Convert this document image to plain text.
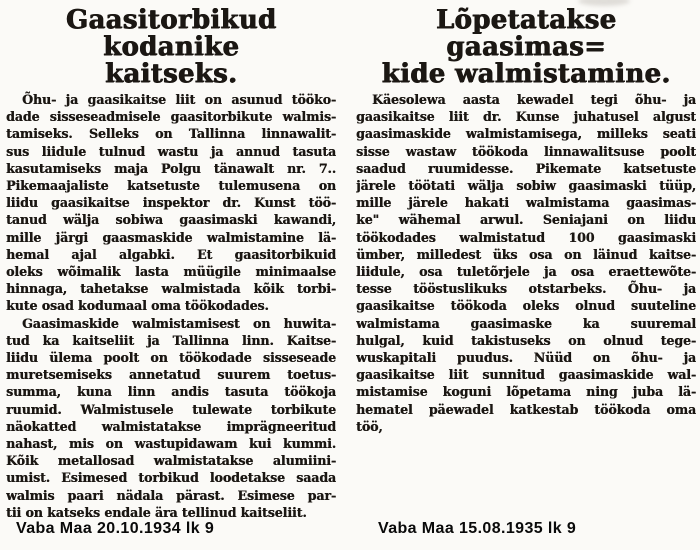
Gaasitorbikud kodanike
kaitseks.
Õhu- ja gaasikaitse liit on asunud tööko-
dade sisseseadmisele gaasitorbikute walmis-
tamiseks. Selleks on Tallinna linnawalit-
sus liidule tulnud wastu ja annud tasuta
kasutamiseks maja Polgu tänawalt nr. 7..
Pikemaajaliste katsetuste tulemusena on
liidu gaasikaitse inspektor dr. Kunst töö-
tanud wälja sobiwa gaasimaski kawandi,
mille järgi gaasmaskide walmistamine lä-
hemal ajal algabki. Et gaasitorbikuid
oleks wõimalik lasta müügile minimaalse
hinnaga, tahetakse walmistada kõik torbi-
kute osad kodumaal oma töökodades.
Gaasimaskide walmistamisest on huwita-
tud ka kaitseliit ja Tallinna linn. Kaitse-
liidu ülema poolt on töökodade sisseseade
muretsemiseks annetatud suurem toetus-
summa, kuna linn andis tasuta töökoja
ruumid. Walmistusele tulewate torbikute
näokatted walmistatakse imprägneeritud
nahast, mis on wastupidawam kui kummi.
Kõik metallosad walmistatakse alumiini-
umist. Esimesed torbikud loodetakse saada
walmis paari nädala pärast. Esimese par-
tii on katseks endale ära tellinud kaitseliit.
Lõpetatakse gaasimas=
kide walmistamine.
Käesolewa aasta kewadel tegi õhu- ja
gaasikaitse liit dr. Kunse juhatusel algust
gaasimaskide walmistamisega, milleks seati
sisse wastaw töökoda linnawalitsuse poolt
saadud ruumidesse. Pikemate katsetuste
järele töötati wälja sobiw gaasimaski tüüp,
mille järele hakati walmistama gaasimas-
ke" wähemal arwul. Seniajani on liidu
töökodades walmistatud 100 gaasimaski
ümber, milledest üks osa on läinud kaitse-
liidule, osa tuletõrjele ja osa eraettewõte-
tesse tööstuslikuks otstarbeks. Õhu- ja
gaasikaitse töökoda oleks olnud suuteline
walmistama gaasimaske ka suuremal
hulgal, kuid takistuseks on olnud tege-
wuskapitali puudus. Nüüd on õhu- ja
gaasikaitse liit sunnitud gaasimaskide wal-
mistamise koguni lõpetama ning juba lä-
hematel päewadel katkestab töökoda oma
töö,
Vaba Maa 20.10.1934 lk 9	Vaba Maa 15.08.1935 lk 9
